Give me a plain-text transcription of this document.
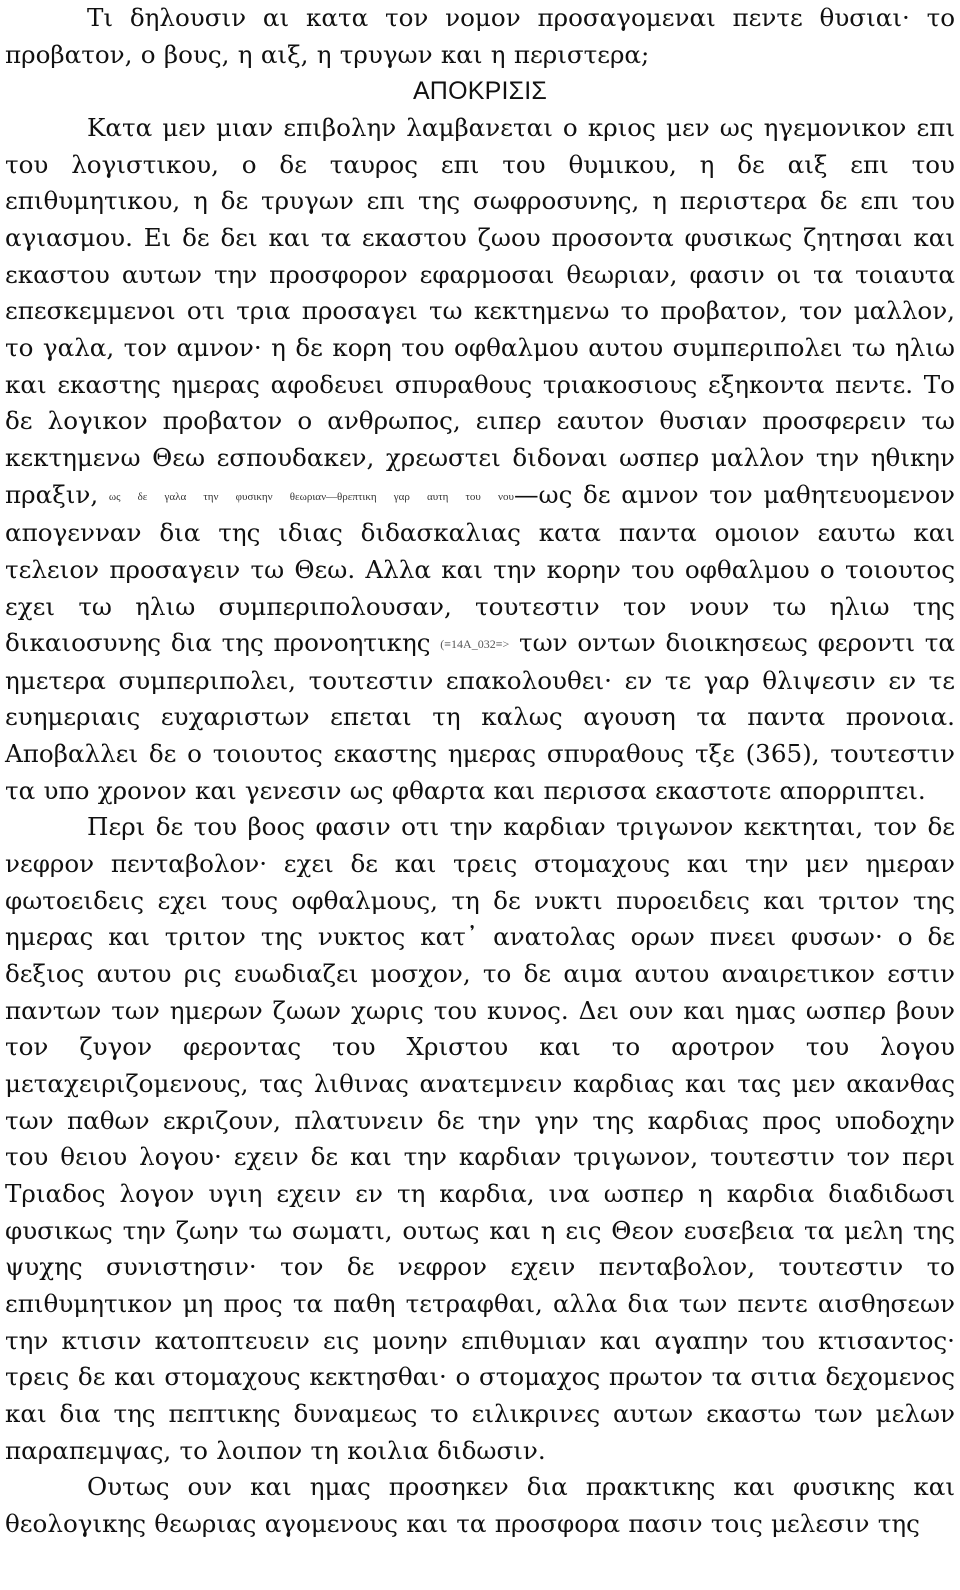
Τι δηλουσιν αι κατα τον νομον προσαγομεναι πεντε θυσιαι· το προβατον, ο βους, η αιξ, η τρυγων και η περιστερα;

ΑΠΟΚΡΙΣΙΣ

Κατα μεν μιαν επιβολην λαμβανεται ο κριος μεν ως ηγεμονικον επι του λογιστικου, ο δε ταυρος επι του θυμικου, η δε αιξ επι του επιθυμητικου, η δε τρυγων επι της σωφροσυνης, η περιστερα δε επι του αγιασμου. Ει δε δει και τα εκαστου ζωου προσοντα φυσικως ζητησαι και εκαστου αυτων την προσφορον εφαρμοσαι θεωριαν, φασιν οι τα τοιαυτα επεσκεμμενοι οτι τρια προσαγει τω κεκτημενω το προβατον, τον μαλλον, το γαλα, τον αμνον· η δε κορη του οφθαλμου αυτου συμπεριπολει τω ηλιω και εκαστης ημερας αφοδευει σπυραθους τριακοσιους εξηκοντα πεντε. Το δε λογικον προβατον ο ανθρωπος, ειπερ εαυτον θυσιαν προσφερειν τω κεκτημενω Θεω εσπουδακεν, χρεωστει διδοναι ωσπερ μαλλον την ηθικην πραξιν, ως δε γαλα την φυσικην θεωριαν—θρεπτικη γαρ αυτη του νου—ως δε αμνον τον μαθητευομενον απογενναν δια της ιδιας διδασκαλιας κατα παντα ομοιον εαυτω και τελειον προσαγειν τω Θεω. Αλλα και την κορην του οφθαλμου ο τοιουτος εχει τω ηλιω συμπεριπολουσαν, τουτεστιν τον νουν τω ηλιω της δικαιοσυνης δια της προνοητικης (≡14A_032≡> των οντων διοικησεως φεροντι τα ημετερα συμπεριπολει, τουτεστιν επακολουθει· εν τε γαρ θλιψεσιν εν τε ευημεριαις ευχαριστων επεται τη καλως αγουση τα παντα προνοια. Αποβαλλει δε ο τοιουτος εκαστης ημερας σπυραθους τξε (365), τουτεστιν τα υπο χρονον και γενεσιν ως φθαρτα και περισσα εκαστοτε απορριπτει.

Περι δε του βοος φασιν οτι την καρδιαν τριγωνον κεκτηται, τον δε νεφρον πενταβολον· εχει δε και τρεις στομαχους και την μεν ημεραν φωτοειδεις εχει τους οφθαλμους, τη δε νυκτι πυροειδεις και τριτον της ημερας και τριτον της νυκτος κατ᾽ ανατολας ορων πνεει φυσων· ο δε δεξιος αυτου ρις ευωδιαζει μοσχον, το δε αιμα αυτου αναιρετικον εστιν παντων των ημερων ζωων χωρις του κυνος. Δει ουν και ημας ωσπερ βουν τον ζυγον φεροντας του Χριστου και το αροτρον του λογου μεταχειριζομενους, τας λιθινας ανατεμνειν καρδιας και τας μεν ακανθας των παθων εκριζουν, πλατυνειν δε την γην της καρδιας προς υποδοχην του θειου λογου· εχειν δε και την καρδιαν τριγωνον, τουτεστιν τον περι Τριαδος λογον υγιη εχειν εν τη καρδια, ινα ωσπερ η καρδια διαδιδωσι φυσικως την ζωην τω σωματι, ουτως και η εις Θεον ευσεβεια τα μελη της ψυχης συνιστησιν· τον δε νεφρον εχειν πενταβολον, τουτεστιν το επιθυμητικον μη προς τα παθη τετραφθαι, αλλα δια των πεντε αισθησεων την κτισιν κατοπτευειν εις μονην επιθυμιαν και αγαπην του κτισαντος· τρεις δε και στομαχους κεκτησθαι· ο στομαχος πρωτον τα σιτια δεχομενος και δια της πεπτικης δυναμεως το ειλικρινες αυτων εκαστω των μελων παραπεμψας, το λοιπον τη κοιλια διδωσιν.

Ουτως ουν και ημας προσηκεν δια πρακτικης και φυσικης και θεολογικης θεωριας αγομενους και τα προσφορα πασιν τοις μελεσιν της
